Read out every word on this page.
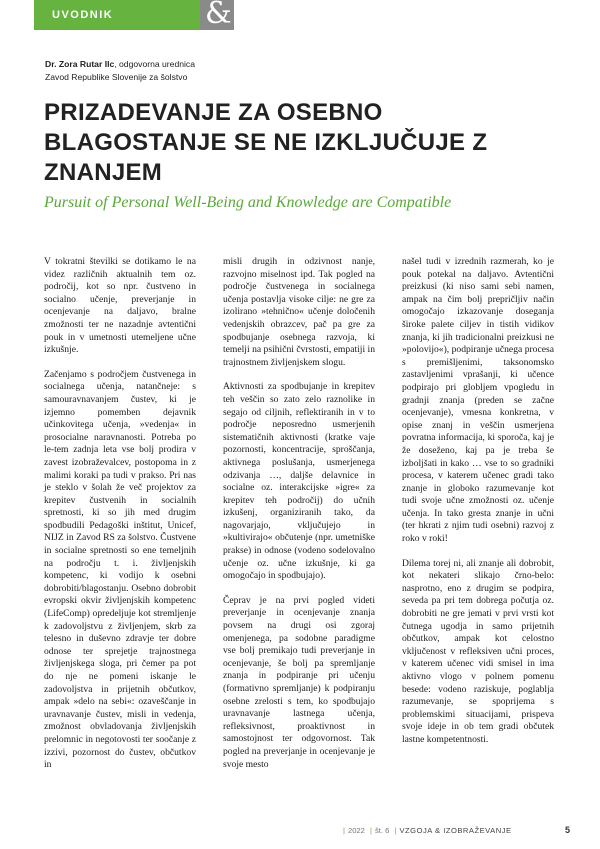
UVODNIK	&
Dr. Zora Rutar Ilc, odgovorna urednica
Zavod Republike Slovenije za šolstvo
PRIZADEVANJE ZA OSEBNO BLAGOSTANJE SE NE IZKLJUČUJE Z ZNANJEM
Pursuit of Personal Well-Being and Knowledge are Compatible

V tokratni številki se dotikamo le na videz različnih aktualnih tem oz. področij, kot so npr. čustveno in socialno učenje, preverjanje in ocenjevanje na daljavo, bralne zmožnosti ter ne nazadnje avtentični pouk in v umetnosti utemeljene učne izkušnje.

Začenjamo s področjem čustvenega in socialnega učenja, natančneje: s samouravnavanjem čustev, ki je izjemno pomemben dejavnik učinkovitega učenja, »vedenja« in prosocialne naravnanosti. Potreba po le-tem zadnja leta vse bolj prodira v zavest izobraževalcev, postopoma in z malimi koraki pa tudi v prakso. Pri nas je steklo v šolah že več projektov za krepitev čustvenih in socialnih spretnosti, ki so jih med drugim spodbudili Pedagoški inštitut, Unicef, NIJZ in Zavod RS za šolstvo. Čustvene in socialne spretnosti so ene temeljnih na področju t. i. življenjskih kompetenc, ki vodijo k osebni dobrobiti/blagostanju. Osebno dobrobit evropski okvir življenjskih kompetenc (LifeComp) opredeljuje kot stremljenje k zadovoljstvu z življenjem, skrb za telesno in duševno zdravje ter dobre odnose ter sprejetje trajnostnega življenjskega sloga, pri čemer pa pot do nje ne pomeni iskanje le zadovoljstva in prijetnih občutkov, ampak »delo na sebi«: ozaveščanje in uravnavanje čustev, misli in vedenja, zmožnost obvladovanja življenjskih prelomnic in negotovosti ter soočanje z izzivi, pozornost do čustev, občutkov in

misli drugih in odzivnost nanje, razvojno miselnost ipd. Tak pogled na področje čustvenega in socialnega učenja postavlja visoke cilje: ne gre za izolirano »tehnično« učenje določenih vedenjskih obrazcev, pač pa gre za spodbujanje osebnega razvoja, ki temelji na psihični čvrstosti, empatiji in trajnostnem življenjskem slogu.

Aktivnosti za spodbujanje in krepitev teh veščin so zato zelo raznolike in segajo od ciljnih, reflektiranih in v to področje neposredno usmerjenih sistematičnih aktivnosti (kratke vaje pozornosti, koncentracije, sproščanja, aktivnega poslušanja, usmerjenega odzivanja …, daljše delavnice in socialne oz. interakcijske »igre« za krepitev teh področij) do učnih izkušenj, organiziranih tako, da nagovarjajo, vključujejo in »kultivirajo« občutenje (npr. umetniške prakse) in odnose (vodeno sodelovalno učenje oz. učne izkušnje, ki ga omogočajo in spodbujajo).

Čeprav je na prvi pogled videti preverjanje in ocenjevanje znanja povsem na drugi osi zgoraj omenjenega, pa sodobne paradigme vse bolj premikajo tudi preverjanje in ocenjevanje, še bolj pa spremljanje znanja in podpiranje pri učenju (formativno spremljanje) k podpiranju osebne zrelosti s tem, ko spodbujajo uravnavanje lastnega učenja, refleksivnost, proaktivnost in samostojnost ter odgovornost. Tak pogled na preverjanje in ocenjevanje je svoje mesto

našel tudi v izrednih razmerah, ko je pouk potekal na daljavo. Avtentični preizkusi (ki niso sami sebi namen, ampak na čim bolj prepričljiv način omogočajo izkazovanje doseganja široke palete ciljev in tistih vidikov znanja, ki jih tradicionalni preizkusi ne »polovijo«), podpiranje učnega procesa s premišljenimi, taksonomsko zastavljenimi vprašanji, ki učence podpirajo pri globljem vpogledu in gradnji znanja (preden se začne ocenjevanje), vmesna konkretna, v opise znanj in veščin usmerjena povratna informacija, ki sporoča, kaj je že doseženo, kaj pa je treba še izboljšati in kako … vse to so gradniki procesa, v katerem učenec gradi tako znanje in globoko razumevanje kot tudi svoje učne zmožnosti oz. učenje učenja. In tako gresta znanje in učni (ter hkrati z njim tudi osebni) razvoj z roko v roki!

Dilema torej ni, ali znanje ali dobrobit, kot nekateri slikajo črno-belo: nasprotno, eno z drugim se podpira, seveda pa pri tem dobrega počutja oz. dobrobiti ne gre jemati v prvi vrsti kot čutnega ugodja in samo prijetnih občutkov, ampak kot celostno vključenost v refleksiven učni proces, v katerem učenec vidi smisel in ima aktivno vlogo v polnem pomenu besede: vodeno raziskuje, poglablja razumevanje, se spoprijema s problemskimi situacijami, prispeva svoje ideje in ob tem gradi občutek lastne kompetentnosti.

| 2022 | št. 6 | VZGOJA & IZOBRAŽEVANJE	5
